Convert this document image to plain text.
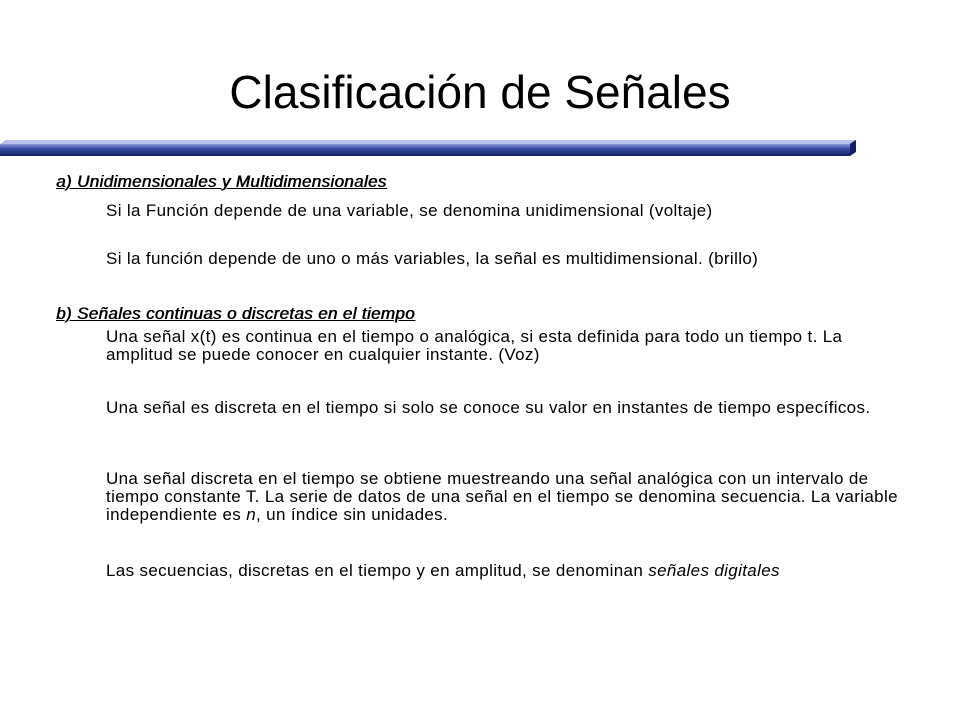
Clasificación de Señales

a) Unidimensionales y Multidimensionales

Si la Función depende de una variable, se denomina unidimensional (voltaje)

Si la función depende de uno o más variables, la señal es multidimensional. (brillo)

b) Señales continuas o discretas en el tiempo

Una señal x(t) es continua en el tiempo o analógica, si esta definida para todo un tiempo t. La amplitud se puede conocer en cualquier instante. (Voz)

Una señal es discreta en el tiempo si solo se conoce su valor en instantes de tiempo específicos.

Una señal discreta en el tiempo se obtiene muestreando una señal analógica con un intervalo de tiempo constante T. La serie de datos de una señal en el tiempo se denomina secuencia. La variable independiente es n, un índice sin unidades.

Las secuencias, discretas en el tiempo y en amplitud, se denominan señales digitales
